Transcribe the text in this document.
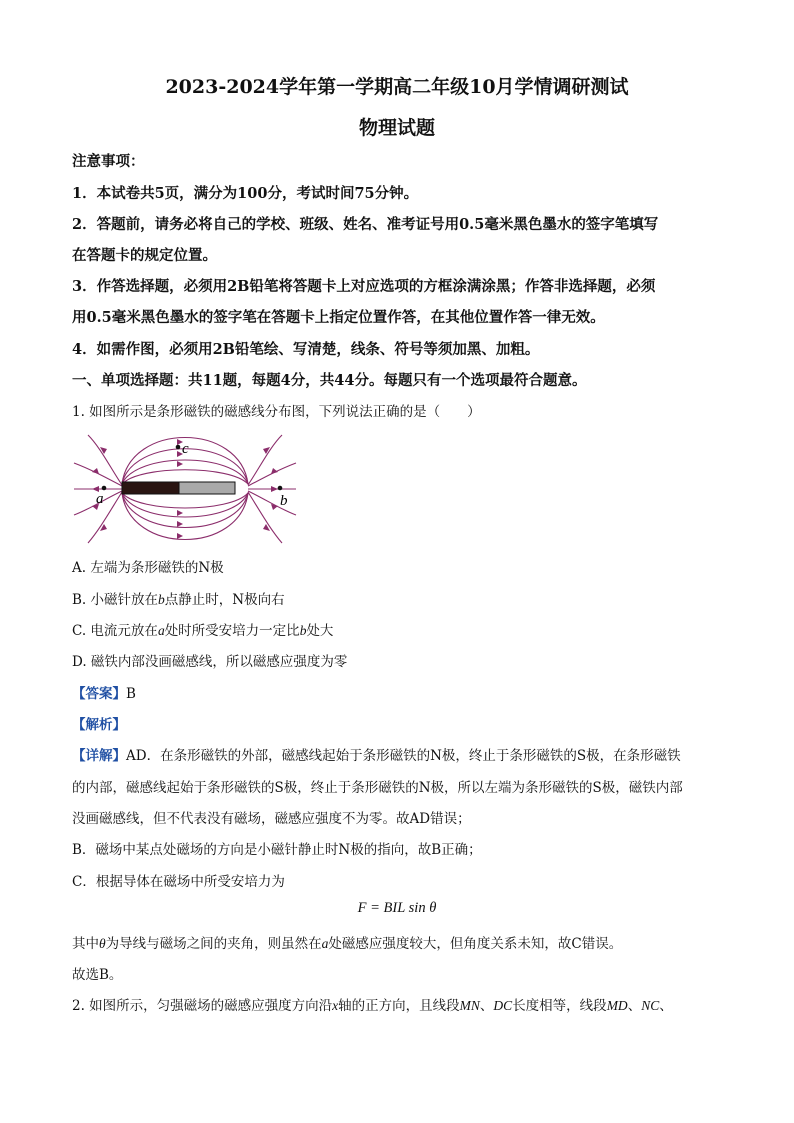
2023-2024学年第一学期高二年级10月学情调研测试
物理试题
注意事项：
1．本试卷共5页，满分为100分，考试时间75分钟。
2．答题前，请务必将自己的学校、班级、姓名、准考证号用0.5毫米黑色墨水的签字笔填写
在答题卡的规定位置。
3．作答选择题，必须用2B铅笔将答题卡上对应选项的方框涂满涂黑；作答非选择题，必须
用0.5毫米黑色墨水的签字笔在答题卡上指定位置作答，在其他位置作答一律无效。
4．如需作图，必须用2B铅笔绘、写清楚，线条、符号等须加黑、加粗。
一、单项选择题：共11题，每题4分，共44分。每题只有一个选项最符合题意。
1. 如图所示是条形磁铁的磁感线分布图，下列说法正确的是（　　）
a	b
c
A. 左端为条形磁铁的N极
B. 小磁针放在b点静止时，N极向右
C. 电流元放在a处时所受安培力一定比b处大
D. 磁铁内部没画磁感线，所以磁感应强度为零
【答案】B
【解析】
【详解】AD．在条形磁铁的外部，磁感线起始于条形磁铁的N极，终止于条形磁铁的S极，在条形磁铁
的内部，磁感线起始于条形磁铁的S极，终止于条形磁铁的N极，所以左端为条形磁铁的S极，磁铁内部
没画磁感线，但不代表没有磁场，磁感应强度不为零。故AD错误；
B．磁场中某点处磁场的方向是小磁针静止时N极的指向，故B正确；
C．根据导体在磁场中所受安培力为
F = BIL sin θ
其中θ为导线与磁场之间的夹角，则虽然在a处磁感应强度较大，但角度关系未知，故C错误。
故选B。
2. 如图所示，匀强磁场的磁感应强度方向沿x轴的正方向，且线段MN、DC长度相等，线段MD、NC、
